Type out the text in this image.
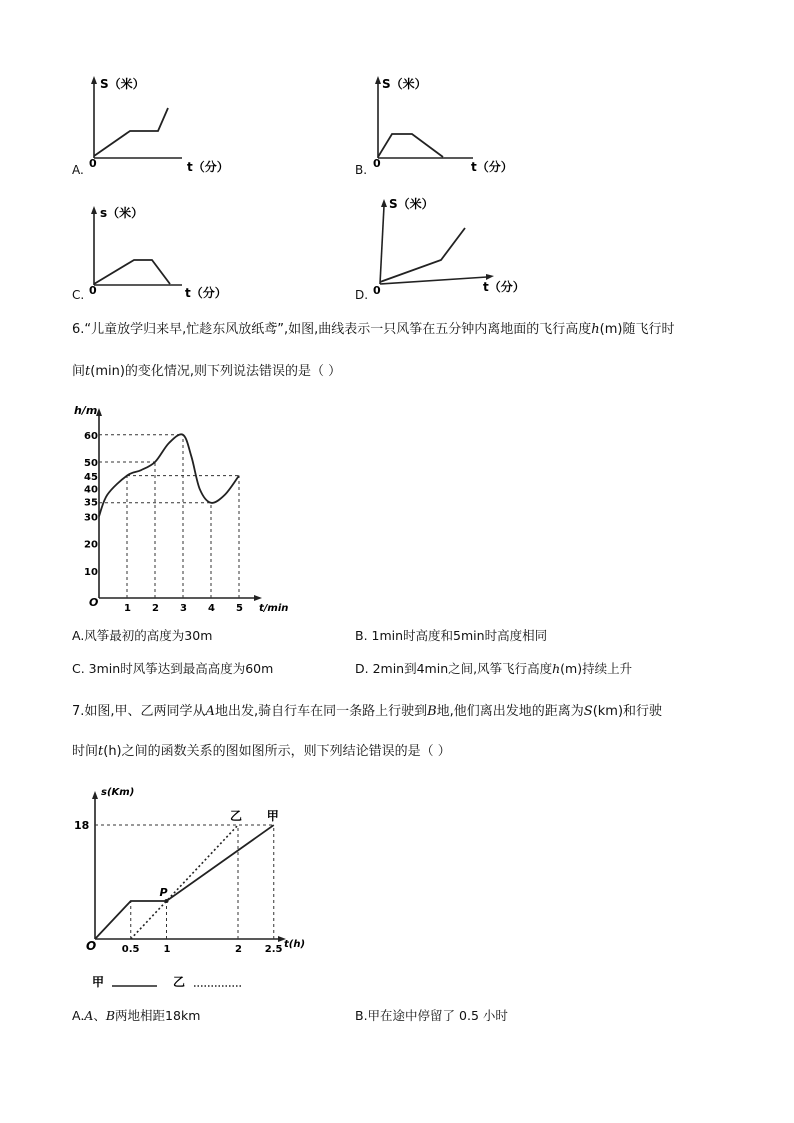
S（米）
t（分）
0
A.
S（米）
t（分）
0
B.
s（米）
t（分）
0
C.
S（米）
t（分）
0
D.
6.“儿童放学归来早,忙趁东风放纸鸢”,如图,曲线表示一只风筝在五分钟内离地面的飞行高度h(m)随飞行时
间t(min)的变化情况,则下列说法错误的是（ ）
h/m
t/min
O
10
20
30
35
40
45
50
60
1 2 3 4 5
A.风筝最初的高度为30m	B. 1min时高度和5min时高度相同
C. 3min时风筝达到最高高度为60m	D. 2min到4min之间,风筝飞行高度h(m)持续上升
7.如图,甲、乙两同学从A地出发,骑自行车在同一条路上行驶到B地,他们离出发地的距离为S(km)和行驶
时间t(h)之间的函数关系的图如图所示，则下列结论错误的是（ ）
s(Km)
t(h)
O
18
0.5 1	2 2.5
P
乙 甲
甲	乙
A.A、B两地相距18km	B.甲在途中停留了 0.5 小时
